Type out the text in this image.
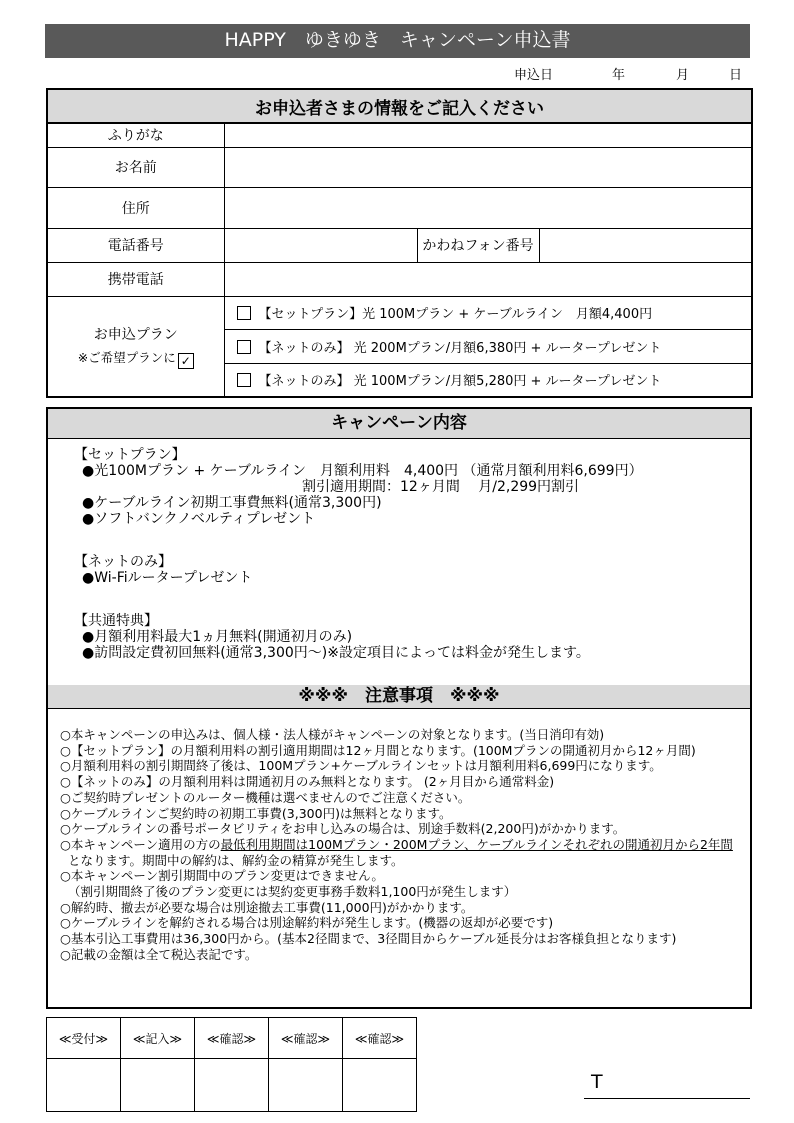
HAPPY　ゆきゆき　キャンペーン申込書
申込日	年	月	日
お申込者さまの情報をご記入ください			
ふりがな			
お名前			
住所			
電話番号		かわねフォン番号	
携帯電話			

お申込プラン
※ご希望プランに ✓	【セットプラン】光 100Mプラン + ケーブルライン　月額4,400円		
	【ネットのみ】 光 200Mプラン/月額6,380円 + ルータープレゼント		
	【ネットのみ】 光 100Mプラン/月額5,280円 + ルータープレゼント		
キャンペーン内容
【セットプラン】
●光100Mプラン + ケーブルライン　月額利用料　4,400円 （通常月額利用料6,699円）
割引適用期間：12ヶ月間　 月/2,299円割引
●ケーブルライン初期工事費無料(通常3,300円)
●ソフトバンクノベルティプレゼント
【ネットのみ】
●Wi-Fiルータープレゼント
【共通特典】
●月額利用料最大1ヵ月無料(開通初月のみ)
●訪問設定費初回無料(通常3,300円～)※設定項目によっては料金が発生します。
※※※　注意事項　※※※
○本キャンペーンの申込みは、個人様・法人様がキャンペーンの対象となります。(当日消印有効)
○【セットプラン】の月額利用料の割引適用期間は12ヶ月間となります。(100Mプランの開通初月から12ヶ月間)
○月額利用料の割引期間終了後は、100Mプラン+ケーブルラインセットは月額利用料6,699円になります。
○【ネットのみ】の月額利用料は開通初月のみ無料となります。 (2ヶ月目から通常料金)
○ご契約時プレゼントのルーター機種は選べませんのでご注意ください。
○ケーブルラインご契約時の初期工事費(3,300円)は無料となります。
○ケーブルラインの番号ポータビリティをお申し込みの場合は、別途手数料(2,200円)がかかります。
○本キャンペーン適用の方の最低利用期間は100Mプラン・200Mプラン、ケーブルラインそれぞれの開通初月から2年間
となります。期間中の解約は、解約金の精算が発生します。
○本キャンペーン割引期間中のプラン変更はできません。
（割引期間終了後のプラン変更には契約変更事務手数料1,100円が発生します）
○解約時、撤去が必要な場合は別途撤去工事費(11,000円)がかかります。
○ケーブルラインを解約される場合は別途解約料が発生します。(機器の返却が必要です)
○基本引込工事費用は36,300円から。(基本2径間まで、3径間目からケーブル延長分はお客様負担となります)
○記載の金額は全て税込表記です。
≪受付≫	≪記入≫	≪確認≫	≪確認≫	≪確認≫

T
